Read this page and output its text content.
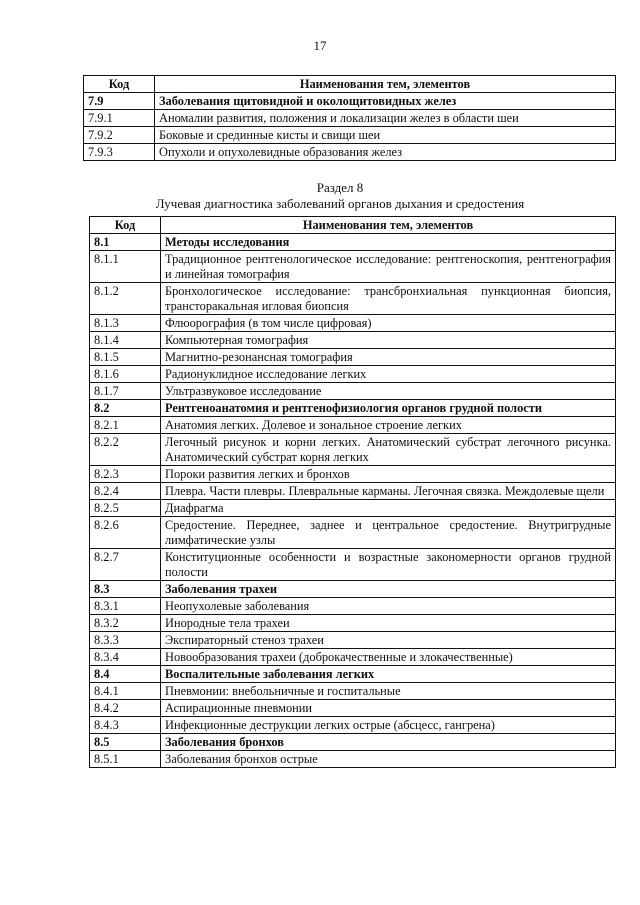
17
Код	Наименования тем, элементов
7.9	Заболевания щитовидной и околощитовидных желез
7.9.1	Аномалии развития, положения и локализации желез в области шеи
7.9.2	Боковые и срединные кисты и свищи шеи
7.9.3	Опухоли и опухолевидные образования желез
Раздел 8
Лучевая диагностика заболеваний органов дыхания и средостения
Код	Наименования тем, элементов
8.1	Методы исследования
8.1.1	Традиционное рентгенологическое исследование: рентгеноскопия, рентгенография и линейная томография
8.1.2	Бронхологическое исследование: трансбронхиальная пункционная биопсия, трансторакальная игловая биопсия
8.1.3	Флюорография (в том числе цифровая)
8.1.4	Компьютерная томография
8.1.5	Магнитно-резонансная томография
8.1.6	Радионуклидное исследование легких
8.1.7	Ультразвуковое исследование
8.2	Рентгеноанатомия и рентгенофизиология органов грудной полости
8.2.1	Анатомия легких. Долевое и зональное строение легких
8.2.2	Легочный рисунок и корни легких. Анатомический субстрат легочного рисунка. Анатомический субстрат корня легких
8.2.3	Пороки развития легких и бронхов
8.2.4	Плевра. Части плевры. Плевральные карманы. Легочная связка. Междолевые щели
8.2.5	Диафрагма
8.2.6	Средостение. Переднее, заднее и центральное средостение. Внутригрудные лимфатические узлы
8.2.7	Конституционные особенности и возрастные закономерности органов грудной полости
8.3	Заболевания трахеи
8.3.1	Неопухолевые заболевания
8.3.2	Инородные тела трахеи
8.3.3	Экспираторный стеноз трахеи
8.3.4	Новообразования трахеи (доброкачественные и злокачественные)
8.4	Воспалительные заболевания легких
8.4.1	Пневмонии: внебольничные и госпитальные
8.4.2	Аспирационные пневмонии
8.4.3	Инфекционные деструкции легких острые (абсцесс, гангрена)
8.5	Заболевания бронхов
8.5.1	Заболевания бронхов острые
